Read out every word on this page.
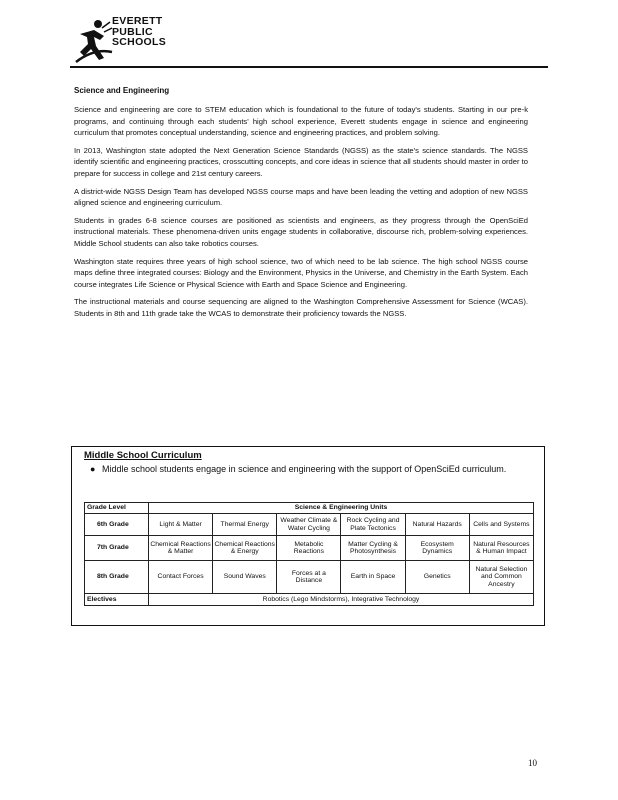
EVERETT
PUBLIC
SCHOOLS
Science and Engineering

Science and engineering are core to STEM education which is foundational to the future of today's students. Starting in our pre-k programs, and continuing through each students' high school experience, Everett students engage in science and engineering curriculum that promotes conceptual understanding, science and engineering practices, and problem solving.

In 2013, Washington state adopted the Next Generation Science Standards (NGSS) as the state's science standards. The NGSS identify scientific and engineering practices, crosscutting concepts, and core ideas in science that all students should master in order to prepare for success in college and 21st century careers.

A district-wide NGSS Design Team has developed NGSS course maps and have been leading the vetting and adoption of new NGSS aligned science and engineering curriculum.

Students in grades 6-8 science courses are positioned as scientists and engineers, as they progress through the OpenSciEd instructional materials. These phenomena-driven units engage students in collaborative, discourse rich, problem-solving experiences. Middle School students can also take robotics courses.

Washington state requires three years of high school science, two of which need to be lab science. The high school NGSS course maps define three integrated courses: Biology and the Environment, Physics in the Universe, and Chemistry in the Earth System. Each course integrates Life Science or Physical Science with Earth and Space Science and Engineering.

The instructional materials and course sequencing are aligned to the Washington Comprehensive Assessment for Science (WCAS). Students in 8th and 11th grade take the WCAS to demonstrate their proficiency towards the NGSS.

Middle School Curriculum
● Middle school students engage in science and engineering with the support of OpenSciEd curriculum.
Grade Level	Science & Engineering Units					
6th Grade	Light & Matter	Thermal Energy	Weather Climate & Water Cycling	Rock Cycling and Plate Tectonics	Natural Hazards	Cells and Systems
7th Grade	Chemical Reactions & Matter	Chemical Reactions & Energy	Metabolic Reactions	Matter Cycling & Photosynthesis	Ecosystem Dynamics	Natural Resources & Human Impact
8th Grade	Contact Forces	Sound Waves	Forces at a Distance	Earth in Space	Genetics	Natural Selection and Common Ancestry
Electives	Robotics (Lego Mindstorms), Integrative Technology					
10
